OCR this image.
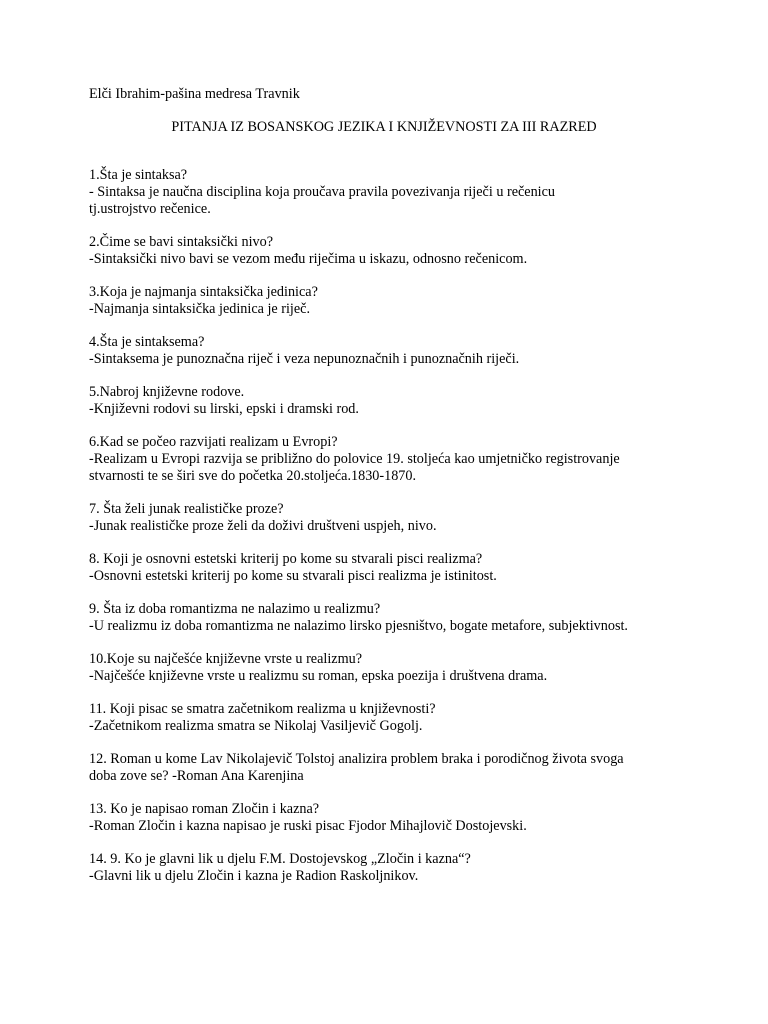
Elči Ibrahim-pašina medresa Travnik
PITANJA IZ BOSANSKOG JEZIKA I KNJIŽEVNOSTI ZA III RAZRED

1.Šta je sintaksa?

- Sintaksa je naučna disciplina koja proučava pravila povezivanja riječi u rečenicu

tj.ustrojstvo rečenice.

2.Čime se bavi sintaksički nivo?

-Sintaksički nivo bavi se vezom među riječima u iskazu, odnosno rečenicom.

3.Koja je najmanja sintaksička jedinica?

-Najmanja sintaksička jedinica je riječ.

4.Šta je sintaksema?

-Sintaksema je punoznačna riječ i veza nepunoznačnih i punoznačnih riječi.

5.Nabroj književne rodove.

-Književni rodovi su lirski, epski i dramski rod.

6.Kad se počeo razvijati realizam u Evropi?

-Realizam u Evropi razvija se približno do polovice 19. stoljeća kao umjetničko registrovanje

stvarnosti te se širi sve do početka 20.stoljeća.1830-1870.

7. Šta želi junak realističke proze?

-Junak realističke proze želi da doživi društveni uspjeh, nivo.

8. Koji je osnovni estetski kriterij po kome su stvarali pisci realizma?

-Osnovni estetski kriterij po kome su stvarali pisci realizma je istinitost.

9. Šta iz doba romantizma ne nalazimo u realizmu?

-U realizmu iz doba romantizma ne nalazimo lirsko pjesništvo, bogate metafore, subjektivnost.

10.Koje su najčešće književne vrste u realizmu?

-Najčešće književne vrste u realizmu su roman, epska poezija i društvena drama.

11. Koji pisac se smatra začetnikom realizma u književnosti?

-Začetnikom realizma smatra se Nikolaj Vasiljevič Gogolj.

12. Roman u kome Lav Nikolajevič Tolstoj analizira problem braka i porodičnog života svoga

doba zove se? -Roman Ana Karenjina

13. Ko je napisao roman Zločin i kazna?

-Roman Zločin i kazna napisao je ruski pisac Fjodor Mihajlovič Dostojevski.

14. 9. Ko je glavni lik u djelu F.M. Dostojevskog „Zločin i kazna“?

-Glavni lik u djelu Zločin i kazna je Radion Raskoljnikov.
